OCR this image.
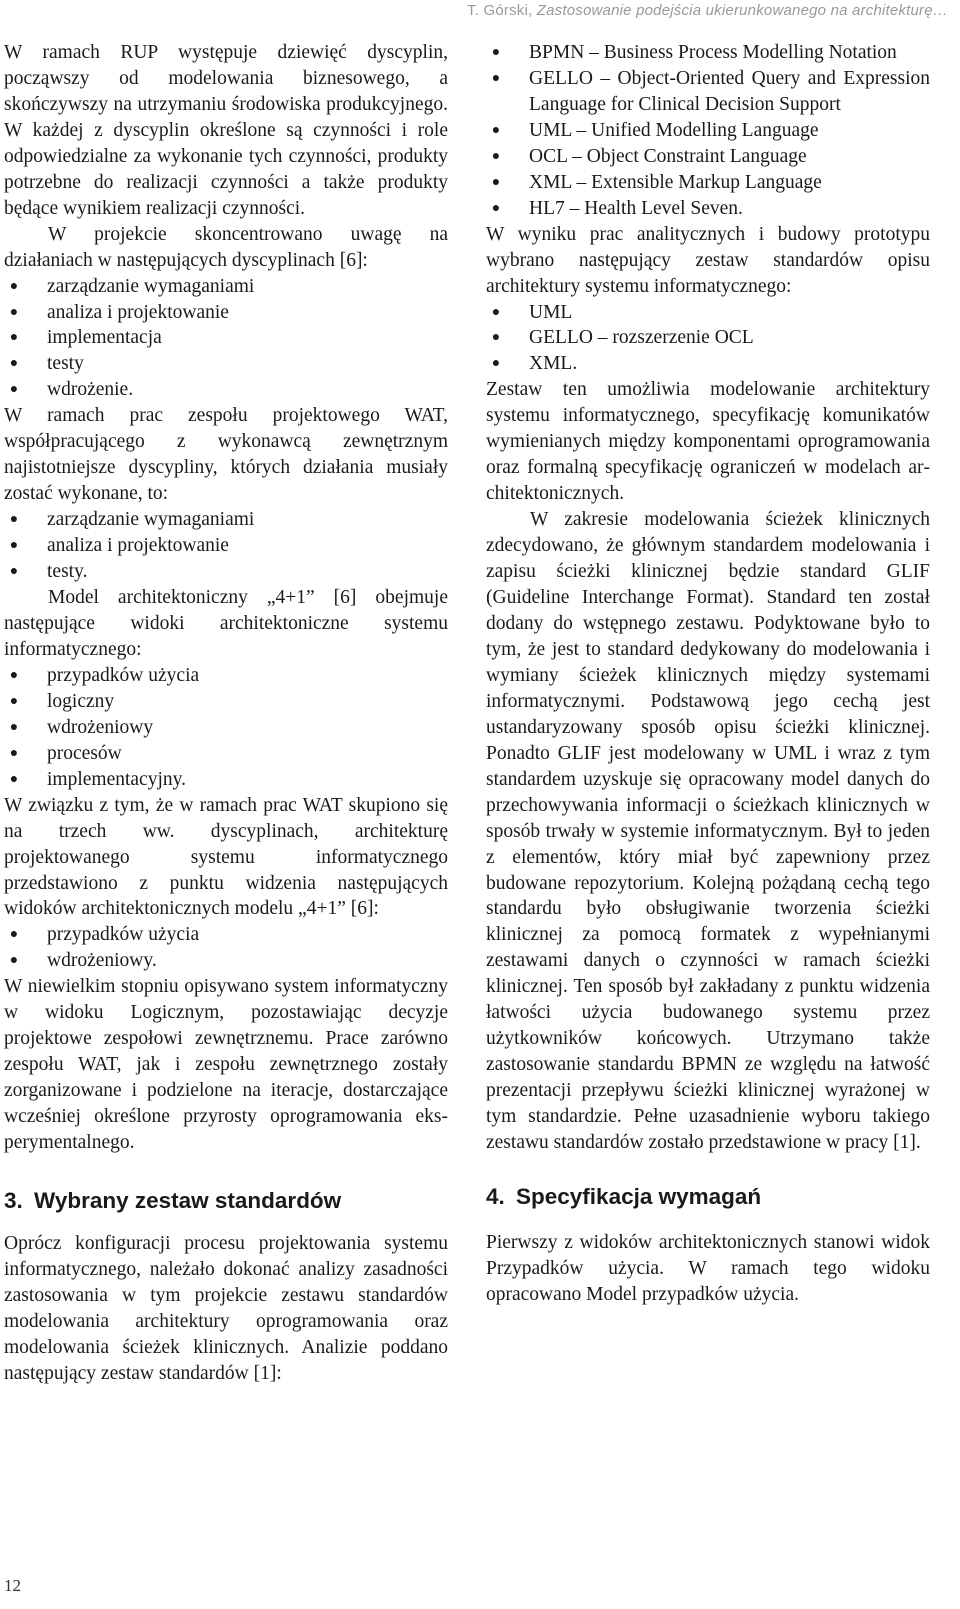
T. Górski, Zastosowanie podejścia ukierunkowanego na architekturę…

W ramach RUP występuje dziewięć dyscyplin, począwszy od modelowania biznesowego, a skończywszy na utrzymaniu środowiska produkcyjnego. W każdej z dyscyplin określone są czynności i role odpowiedzialne za wykonanie tych czynności, produkty potrzebne do realizacji czynności a także produkty będące wynikiem realizacji czynności.

W projekcie skoncentrowano uwagę na działaniach w następujących dyscyplinach [6]:

● zarządzanie wymaganiami
● analiza i projektowanie
● implementacja
● testy
● wdrożenie.

W ramach prac zespołu projektowego WAT, współpracującego z wykonawcą zewnętrznym najistotniejsze dyscypliny, których działania musiały zostać wykonane, to:

● zarządzanie wymaganiami
● analiza i projektowanie
● testy.

Model architektoniczny „4+1” [6] obejmuje następujące widoki architektoniczne systemu informatycznego:

● przypadków użycia
● logiczny
● wdrożeniowy
● procesów
● implementacyjny.

W związku z tym, że w ramach prac WAT skupiono się na trzech ww. dyscyplinach, architekturę projektowanego systemu informatycznego przedstawiono z punktu widzenia następujących widoków architektonicznych modelu „4+1” [6]:

● przypadków użycia
● wdrożeniowy.

W niewielkim stopniu opisywano system informatyczny w widoku Logicznym, pozostawiając decyzje projektowe zespołowi zewnętrznemu. Prace zarówno zespołu WAT, jak i zespołu zewnętrznego zostały zorganizowane i podzielone na iteracje, dostarczające wcześniej określone przyrosty oprogramowania eksperymentalnego.

3. Wybrany zestaw standardów

Oprócz konfiguracji procesu projektowania systemu informatycznego, należało dokonać analizy zasadności zastosowania w tym projekcie zestawu standardów modelowania architektury oprogramowania oraz modelowania ścieżek klinicznych. Analizie poddano następujący zestaw standardów [1]:

● BPMN – Business Process Modelling Notation
● GELLO – Object-Oriented Query and Expression Language for Clinical Decision Support
● UML – Unified Modelling Language
● OCL – Object Constraint Language
● XML – Extensible Markup Language
● HL7 – Health Level Seven.

W wyniku prac analitycznych i budowy prototypu wybrano następujący zestaw standardów opisu architektury systemu informatycznego:

● UML
● GELLO – rozszerzenie OCL
● XML.

Zestaw ten umożliwia modelowanie architektury systemu informatycznego, specyfikację komunikatów wymienianych między komponentami oprogramowania oraz formalną specyfikację ograniczeń w modelach architektonicznych.

W zakresie modelowania ścieżek klinicznych zdecydowano, że głównym standardem modelowania i zapisu ścieżki klinicznej będzie standard GLIF (Guideline Interchange Format). Standard ten został dodany do wstępnego zestawu. Podyktowane było to tym, że jest to standard dedykowany do modelowania i wymiany ścieżek klinicznych między systemami informatycznymi. Podstawową jego cechą jest ustandaryzowany sposób opisu ścieżki klinicznej. Ponadto GLIF jest modelowany w UML i wraz z tym standardem uzyskuje się opracowany model danych do przechowywania informacji o ścieżkach klinicznych w sposób trwały w systemie informatycznym. Był to jeden z elementów, który miał być zapewniony przez budowane repozytorium. Kolejną pożądaną cechą tego standardu było obsługiwanie tworzenia ścieżki klinicznej za pomocą formatek z wypełnianymi zestawami danych o czynności w ramach ścieżki klinicznej. Ten sposób był zakładany z punktu widzenia łatwości użycia budowanego systemu przez użytkowników końcowych. Utrzymano także zastosowanie standardu BPMN ze względu na łatwość prezentacji przepływu ścieżki klinicznej wyrażonej w tym standardzie. Pełne uzasadnienie wyboru takiego zestawu standardów zostało przedstawione w pracy [1].

4. Specyfikacja wymagań

Pierwszy z widoków architektonicznych stanowi widok Przypadków użycia. W ramach tego widoku opracowano Model przypadków użycia.

12
